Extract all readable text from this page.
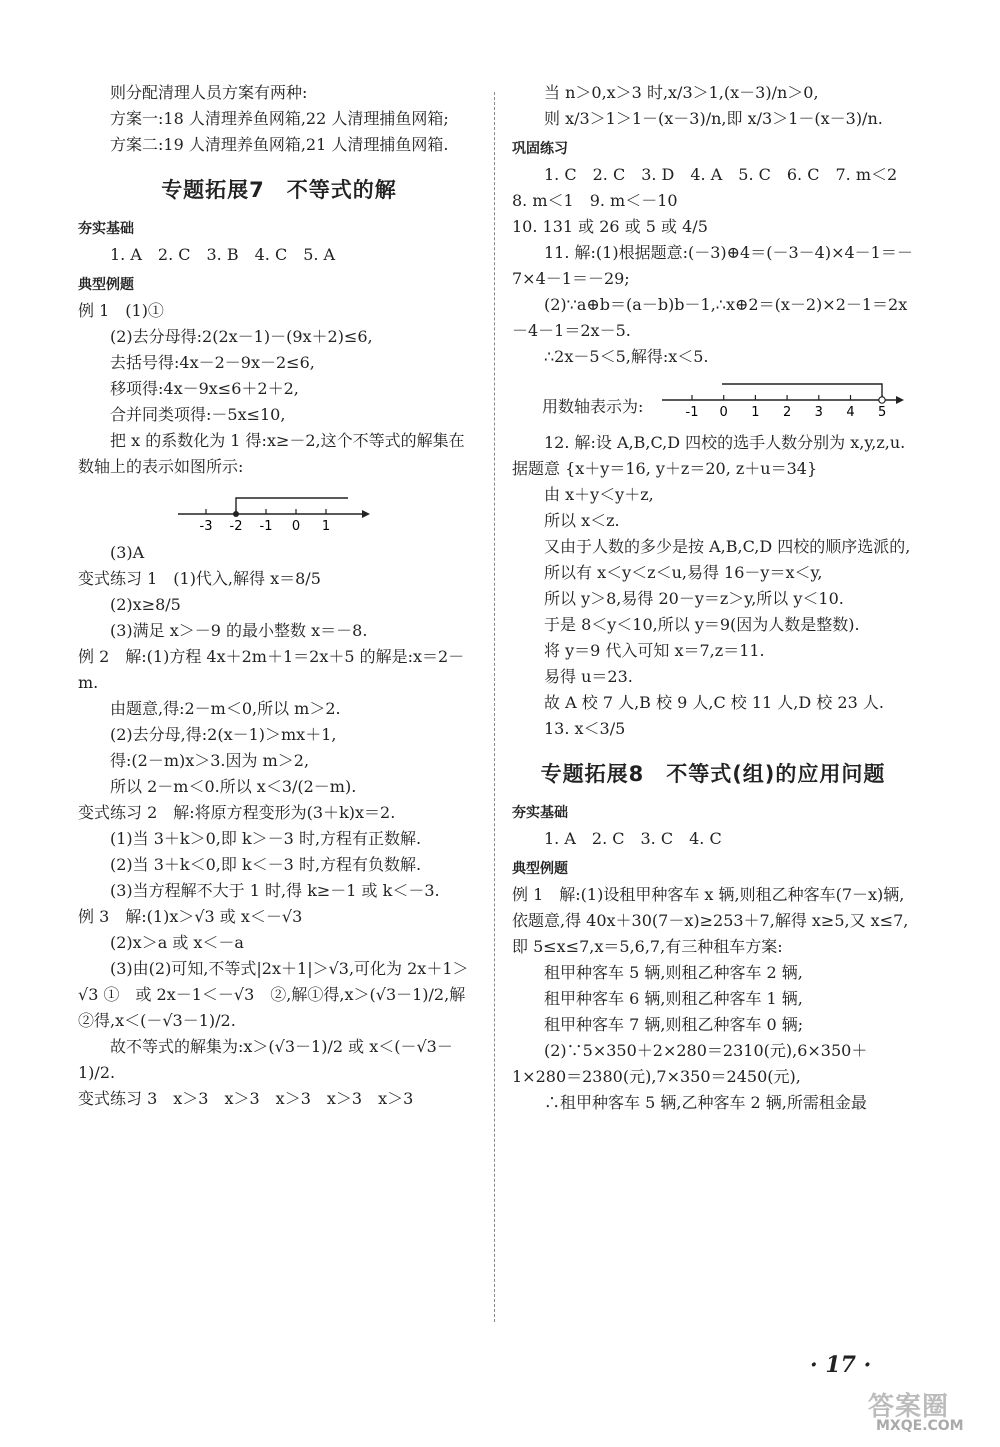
则分配清理人员方案有两种:

方案一:18 人清理养鱼网箱,22 人清理捕鱼网箱;

方案二:19 人清理养鱼网箱,21 人清理捕鱼网箱.

专题拓展7　不等式的解
夯实基础

1. A　2. C　3. B　4. C　5. A

典型例题

例 1　(1)①

(2)去分母得:2(2x－1)－(9x＋2)≤6,

去括号得:4x－2－9x－2≤6,

移项得:4x－9x≤6＋2＋2,

合并同类项得:－5x≤10,

把 x 的系数化为 1 得:x≥－2,这个不等式的解集在数轴上的表示如图所示:

-3 -2 -1 0 1

(3)A

变式练习 1　(1)代入,解得 x＝8/5

(2)x≥8/5

(3)满足 x＞－9 的最小整数 x＝－8.

例 2　解:(1)方程 4x＋2m＋1＝2x＋5 的解是:x＝2－m.

由题意,得:2－m＜0,所以 m＞2.

(2)去分母,得:2(x－1)＞mx＋1,

得:(2－m)x＞3.因为 m＞2,

所以 2－m＜0.所以 x＜3/(2－m).

变式练习 2　解:将原方程变形为(3＋k)x＝2.

(1)当 3＋k＞0,即 k＞－3 时,方程有正数解.

(2)当 3＋k＜0,即 k＜－3 时,方程有负数解.

(3)当方程解不大于 1 时,得 k≥－1 或 k＜－3.

例 3　解:(1)x＞√3 或 x＜－√3

(2)x＞a 或 x＜－a

(3)由(2)可知,不等式|2x＋1|＞√3,可化为 2x＋1＞√3 ①　或 2x－1＜－√3　②,解①得,x＞(√3－1)/2,解②得,x＜(－√3－1)/2.

故不等式的解集为:x＞(√3－1)/2 或 x＜(－√3－1)/2.

变式练习 3　x＞3　x＞3　x＞3　x＞3　x＞3

当 n＞0,x＞3 时,x/3＞1,(x－3)/n＞0,

则 x/3＞1＞1－(x－3)/n,即 x/3＞1－(x－3)/n.

巩固练习

1. C　2. C　3. D　4. A　5. C　6. C　7. m＜2

8. m＜1　9. m＜－10

10. 131 或 26 或 5 或 4/5

11. 解:(1)根据题意:(－3)⊕4＝(－3－4)×4－1＝－7×4－1＝－29;

(2)∵a⊕b＝(a－b)b－1,∴x⊕2＝(x－2)×2－1＝2x－4－1＝2x－5.

∴2x－5＜5,解得:x＜5.

-1 0 1 2 3 4 5
用数轴表示为:

12. 解:设 A,B,C,D 四校的选手人数分别为 x,y,z,u.据题意 {x＋y＝16, y＋z＝20, z＋u＝34}

由 x＋y＜y＋z,

所以 x＜z.

又由于人数的多少是按 A,B,C,D 四校的顺序选派的,

所以有 x＜y＜z＜u,易得 16－y＝x＜y,

所以 y＞8,易得 20－y＝z＞y,所以 y＜10.

于是 8＜y＜10,所以 y＝9(因为人数是整数).

将 y＝9 代入可知 x＝7,z＝11.

易得 u＝23.

故 A 校 7 人,B 校 9 人,C 校 11 人,D 校 23 人.

13. x＜3/5

专题拓展8　不等式(组)的应用问题
夯实基础

1. A　2. C　3. C　4. C

典型例题

例 1　解:(1)设租甲种客车 x 辆,则租乙种客车(7－x)辆,依题意,得 40x＋30(7－x)≥253＋7,解得 x≥5,又 x≤7,即 5≤x≤7,x＝5,6,7,有三种租车方案:

租甲种客车 5 辆,则租乙种客车 2 辆,

租甲种客车 6 辆,则租乙种客车 1 辆,

租甲种客车 7 辆,则租乙种客车 0 辆;

(2)∵5×350＋2×280＝2310(元),6×350＋1×280＝2380(元),7×350＝2450(元),

∴租甲种客车 5 辆,乙种客车 2 辆,所需租金最

· 17 ·
答案圈
MXQE.COM
